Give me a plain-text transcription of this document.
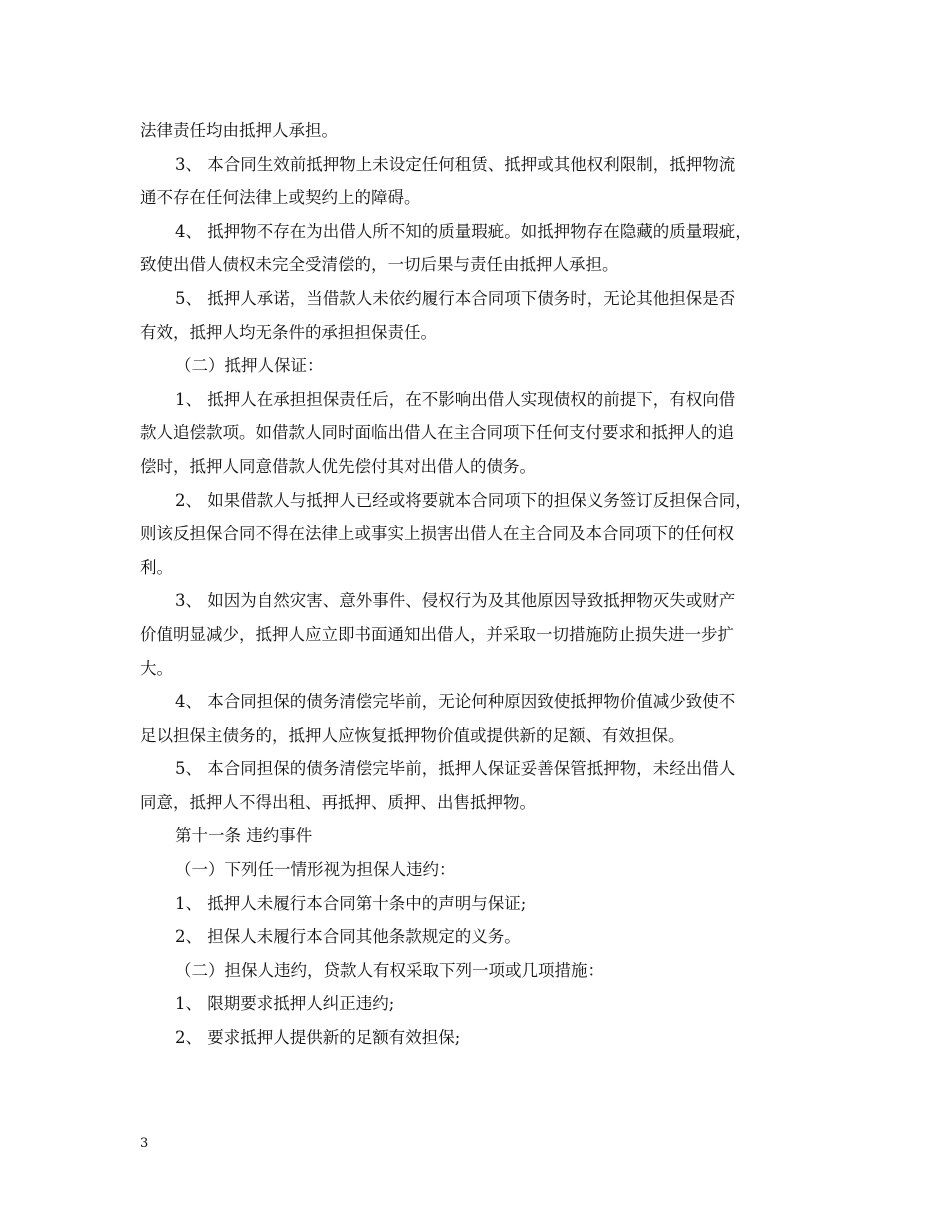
法律责任均由抵押人承担。

3、 本合同生效前抵押物上未设定任何租赁、抵押或其他权利限制，抵押物流

通不存在任何法律上或契约上的障碍。

4、 抵押物不存在为出借人所不知的质量瑕疵。如抵押物存在隐藏的质量瑕疵，

致使出借人债权未完全受清偿的，一切后果与责任由抵押人承担。

5、 抵押人承诺，当借款人未依约履行本合同项下债务时，无论其他担保是否

有效，抵押人均无条件的承担担保责任。

（二）抵押人保证：

1、 抵押人在承担担保责任后，在不影响出借人实现债权的前提下，有权向借

款人追偿款项。如借款人同时面临出借人在主合同项下任何支付要求和抵押人的追

偿时，抵押人同意借款人优先偿付其对出借人的债务。

2、 如果借款人与抵押人已经或将要就本合同项下的担保义务签订反担保合同，

则该反担保合同不得在法律上或事实上损害出借人在主合同及本合同项下的任何权

利。

3、 如因为自然灾害、意外事件、侵权行为及其他原因导致抵押物灭失或财产

价值明显减少，抵押人应立即书面通知出借人，并采取一切措施防止损失进一步扩

大。

4、 本合同担保的债务清偿完毕前，无论何种原因致使抵押物价值减少致使不

足以担保主债务的，抵押人应恢复抵押物价值或提供新的足额、有效担保。

5、 本合同担保的债务清偿完毕前，抵押人保证妥善保管抵押物，未经出借人

同意，抵押人不得出租、再抵押、质押、出售抵押物。

第十一条 违约事件

（一）下列任一情形视为担保人违约：

1、 抵押人未履行本合同第十条中的声明与保证;

2、 担保人未履行本合同其他条款规定的义务。

（二）担保人违约，贷款人有权采取下列一项或几项措施：

1、 限期要求抵押人纠正违约;

2、 要求抵押人提供新的足额有效担保;

3
